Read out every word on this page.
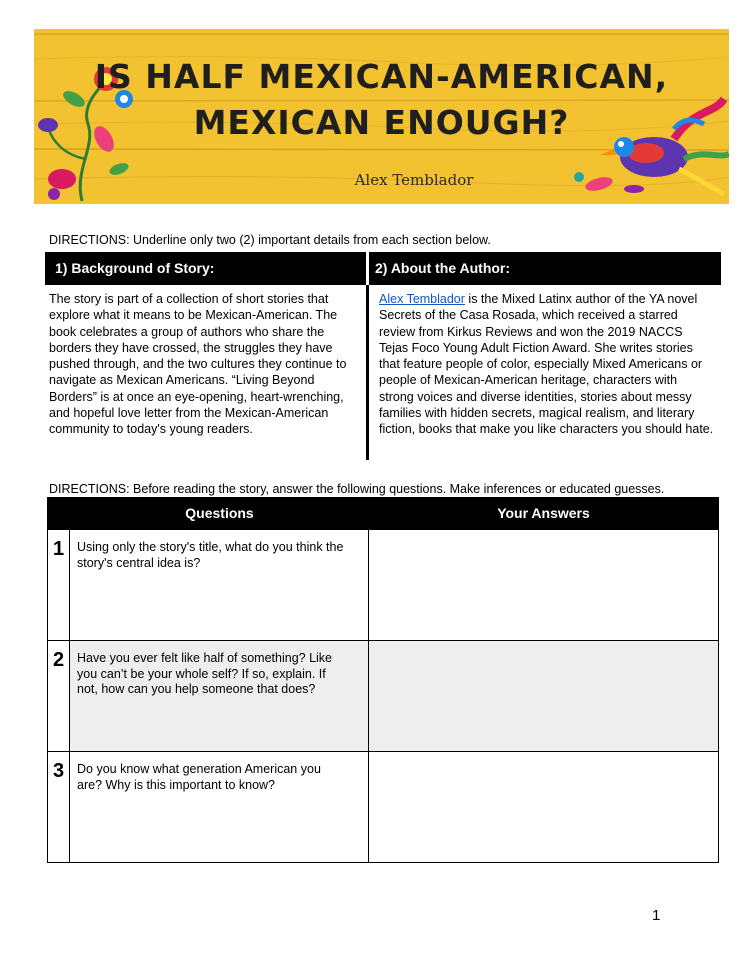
IS HALF MEXICAN-AMERICAN,
MEXICAN ENOUGH?
Alex Temblador
DIRECTIONS: Underline only two (2) important details from each section below.
1) Background of Story:	2) About the Author:
The story is part of a collection of short stories that explore what it means to be Mexican-American. The book celebrates a group of authors who share the borders they have crossed, the struggles they have pushed through, and the two cultures they continue to navigate as Mexican Americans. “Living Beyond Borders” is at once an eye-opening, heart-wrenching, and hopeful love letter from the Mexican-American community to today's young readers.
Alex Temblador is the Mixed Latinx author of the YA novel Secrets of the Casa Rosada, which received a starred review from Kirkus Reviews and won the 2019 NACCS Tejas Foco Young Adult Fiction Award. She writes stories that feature people of color, especially Mixed Americans or people of Mexican-American heritage, characters with strong voices and diverse identities, stories about messy families with hidden secrets, magical realism, and literary fiction, books that make you like characters you should hate.
DIRECTIONS: Before reading the story, answer the following questions. Make inferences or educated guesses.
Questions	Your Answers
1	Using only the story's title, what do you think the story's central idea is?
2	Have you ever felt like half of something? Like you can’t be your whole self? If so, explain. If not, how can you help someone that does?
3	Do you know what generation American you are? Why is this important to know?
1
